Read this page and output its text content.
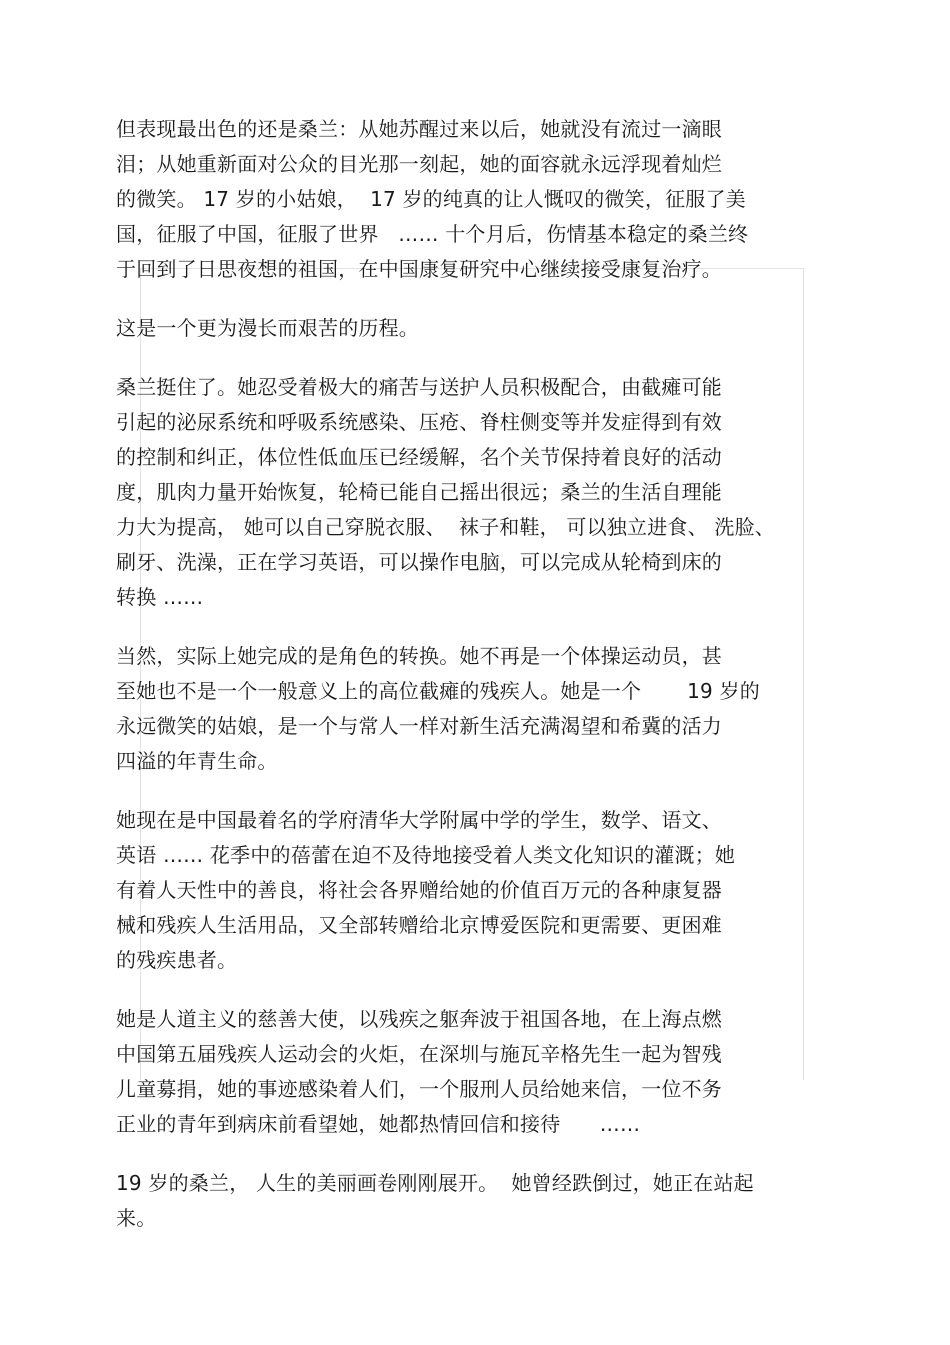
但表现最出色的还是桑兰：从她苏醒过来以后，她就没有流过一滴眼
泪；从她重新面对公众的目光那一刻起，她的面容就永远浮现着灿烂
的微笑。 17 岁的小姑娘，  17 岁的纯真的让人慨叹的微笑，征服了美
国，征服了中国，征服了世界   …… 十个月后，伤情基本稳定的桑兰终
于回到了日思夜想的祖国，在中国康复研究中心继续接受康复治疗。

这是一个更为漫长而艰苦的历程。

桑兰挺住了。她忍受着极大的痛苦与送护人员积极配合，由截瘫可能
引起的泌尿系统和呼吸系统感染、压疮、脊柱侧变等并发症得到有效
的控制和纠正，体位性低血压已经缓解，名个关节保持着良好的活动
度，肌肉力量开始恢复，轮椅已能自己摇出很远；桑兰的生活自理能
力大为提高， 她可以自己穿脱衣服、  袜子和鞋， 可以独立进食、 洗脸、
刷牙、洗澡，正在学习英语，可以操作电脑，可以完成从轮椅到床的
转换 ……

当然，实际上她完成的是角色的转换。她不再是一个体操运动员，甚
至她也不是一个一般意义上的高位截瘫的残疾人。她是一个       19 岁的
永远微笑的姑娘，是一个与常人一样对新生活充满渴望和希冀的活力
四溢的年青生命。

她现在是中国最着名的学府清华大学附属中学的学生，数学、语文、
英语 …… 花季中的蓓蕾在迫不及待地接受着人类文化知识的灌溉；她
有着人天性中的善良，将社会各界赠给她的价值百万元的各种康复器
械和残疾人生活用品，又全部转赠给北京博爱医院和更需要、更困难
的残疾患者。

她是人道主义的慈善大使，以残疾之躯奔波于祖国各地，在上海点燃
中国第五届残疾人运动会的火炬，在深圳与施瓦辛格先生一起为智残
儿童募捐，她的事迹感染着人们，一个服刑人员给她来信，一位不务
正业的青年到病床前看望她，她都热情回信和接待      ……

19 岁的桑兰， 人生的美丽画卷刚刚展开。  她曾经跌倒过，她正在站起
来。
